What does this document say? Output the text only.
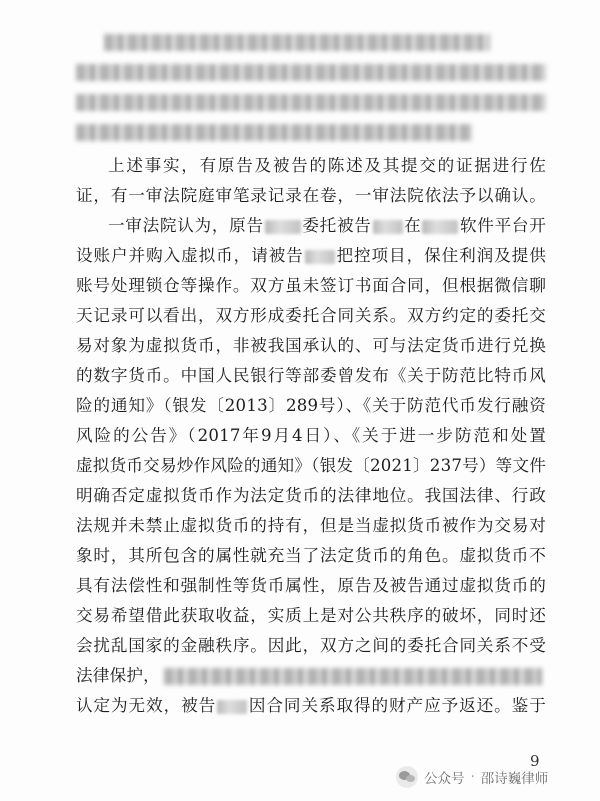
上述事实，有原告及被告的陈述及其提交的证据进行佐
证，有一审法院庭审笔录记录在卷，一审法院依法予以确认。
一审法院认为，原告 委托被告 在 软件平台开
设账户并购入虚拟币，请被告 把控项目，保住利润及提供
账号处理锁仓等操作。双方虽未签订书面合同，但根据微信聊
天记录可以看出，双方形成委托合同关系。双方约定的委托交
易对象为虚拟货币，非被我国承认的、可与法定货币进行兑换
的数字货币。中国人民银行等部委曾发布《关于防范比特币风
险的通知》（银发〔2013〕289号）、《关于防范代币发行融资
风险的公告》（2017年9月4日）、《关于进一步防范和处置
虚拟货币交易炒作风险的通知》（银发〔2021〕237号）等文件
明确否定虚拟货币作为法定货币的法律地位。我国法律、行政
法规并未禁止虚拟货币的持有，但是当虚拟货币被作为交易对
象时，其所包含的属性就充当了法定货币的角色。虚拟货币不
具有法偿性和强制性等货币属性，原告及被告通过虚拟货币的
交易希望借此获取收益，实质上是对公共秩序的破坏，同时还
会扰乱国家的金融秩序。因此，双方之间的委托合同关系不受
法律保护，
认定为无效，被告 因合同关系取得的财产应予返还。鉴于
9
公众号 · 邵诗巍律师
